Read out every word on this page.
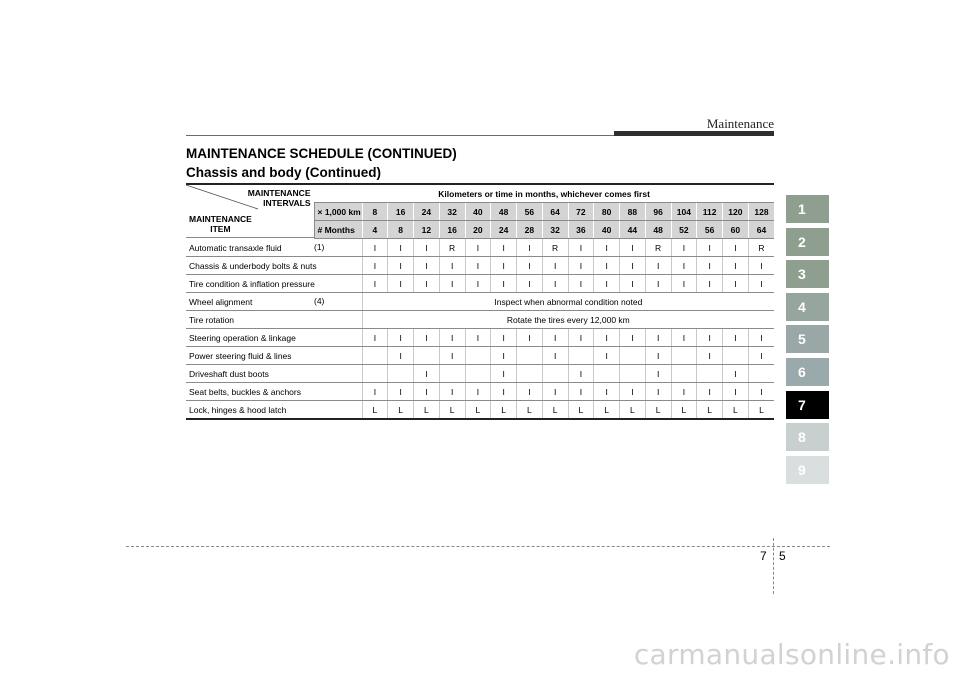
Maintenance
MAINTENANCE SCHEDULE (CONTINUED)
Chassis and body (Continued)
MAINTENANCE
INTERVALS
MAINTENANCE
ITEM	Kilometers or time in months, whichever comes first																
	× 1,000 km	8	16	24	32	40	48	56	64	72	80	88	96	104	112	120	128
	# Months	4	8	12	16	20	24	28	32	36	40	44	48	52	56	60	64
Automatic transaxle fluid (1)		I	I	I	R	I	I	I	R	I	I	I	R	I	I	I	R
Chassis & underbody bolts & nuts		I	I	I	I	I	I	I	I	I	I	I	I	I	I	I	I
Tire condition & inflation pressure		I	I	I	I	I	I	I	I	I	I	I	I	I	I	I	I
Wheel alignment (4)		Inspect when abnormal condition noted															
Tire rotation		Rotate the tires every 12,000 km															
Steering operation & linkage		I	I	I	I	I	I	I	I	I	I	I	I	I	I	I	I
Power steering fluid & lines			I		I		I		I		I		I		I		I
Driveshaft dust boots				I			I			I			I			I	
Seat belts, buckles & anchors		I	I	I	I	I	I	I	I	I	I	I	I	I	I	I	I
Lock, hinges & hood latch		L	L	L	L	L	L	L	L	L	L	L	L	L	L	L	L
1
2
3
4
5
6
7
8
9
7 5
carmanualsonline.info
